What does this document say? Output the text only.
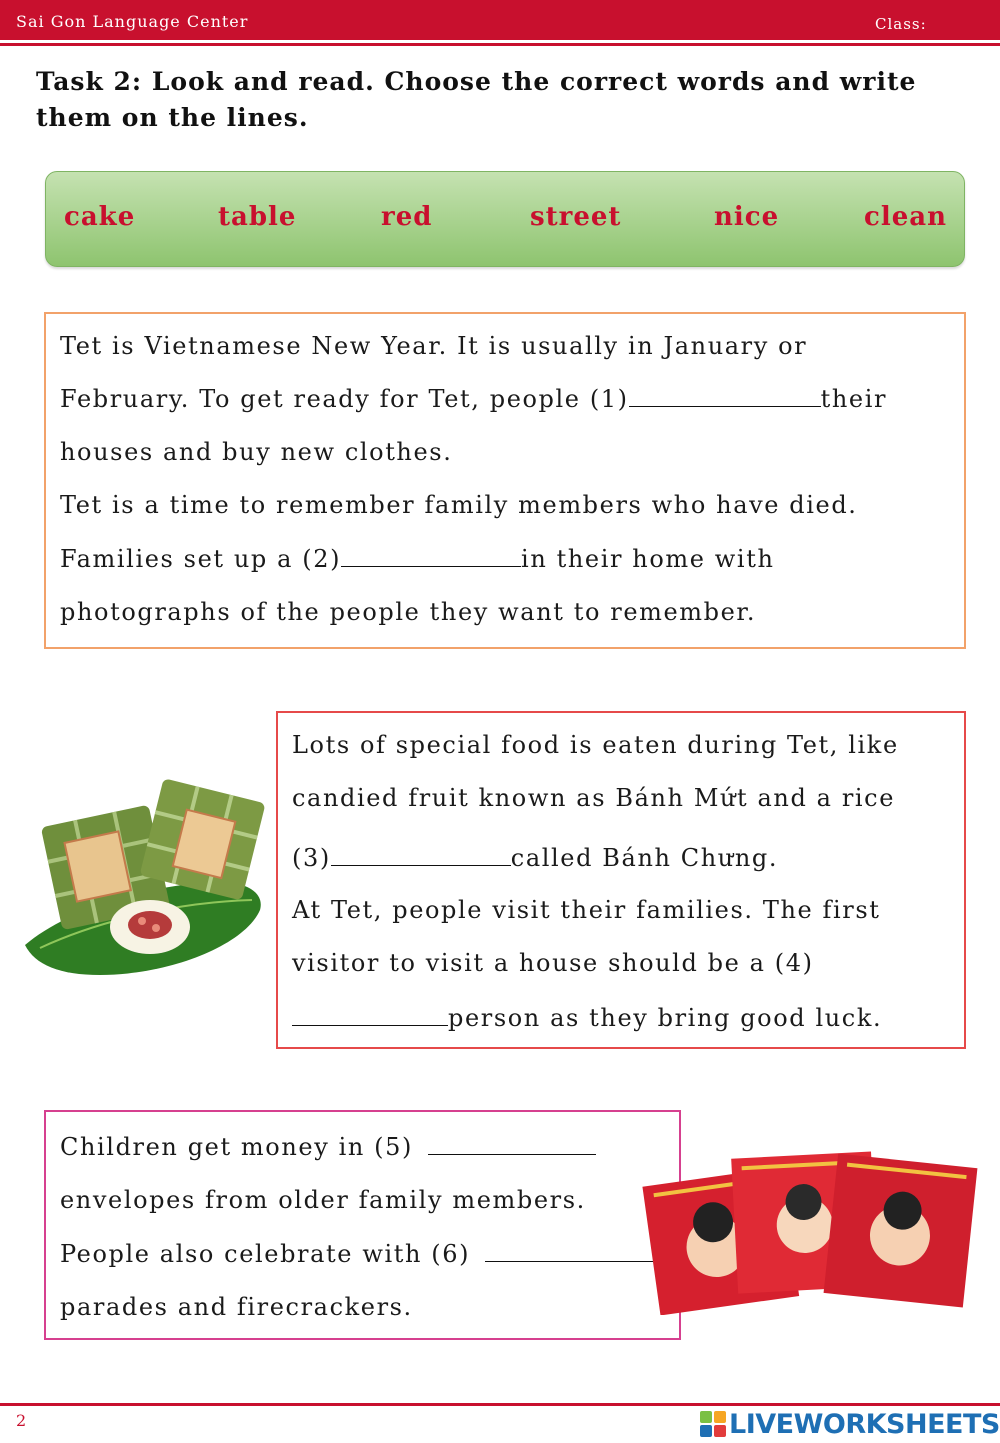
Sai Gon Language Center	Class:
Task 2: Look and read. Choose the correct words and write them on the lines.
cake	table	red	street	nice	clean
Tet is Vietnamese New Year. It is usually in January or
February. To get ready for Tet, people (1)	their
houses and buy new clothes.
Tet is a time to remember family members who have died.
Families set up a (2)	in their home with
photographs of the people they want to remember.
Lots of special food is eaten during Tet, like
candied fruit known as Bánh Mứt and a rice
(3)	called Bánh Chưng.
At Tet, people visit their families. The first
visitor to visit a house should be a (4)
person as they bring good luck.
Children get money in (5)
envelopes from older family members.
People also celebrate with (6)
parades and firecrackers.
2	LIVEWORKSHEETS
